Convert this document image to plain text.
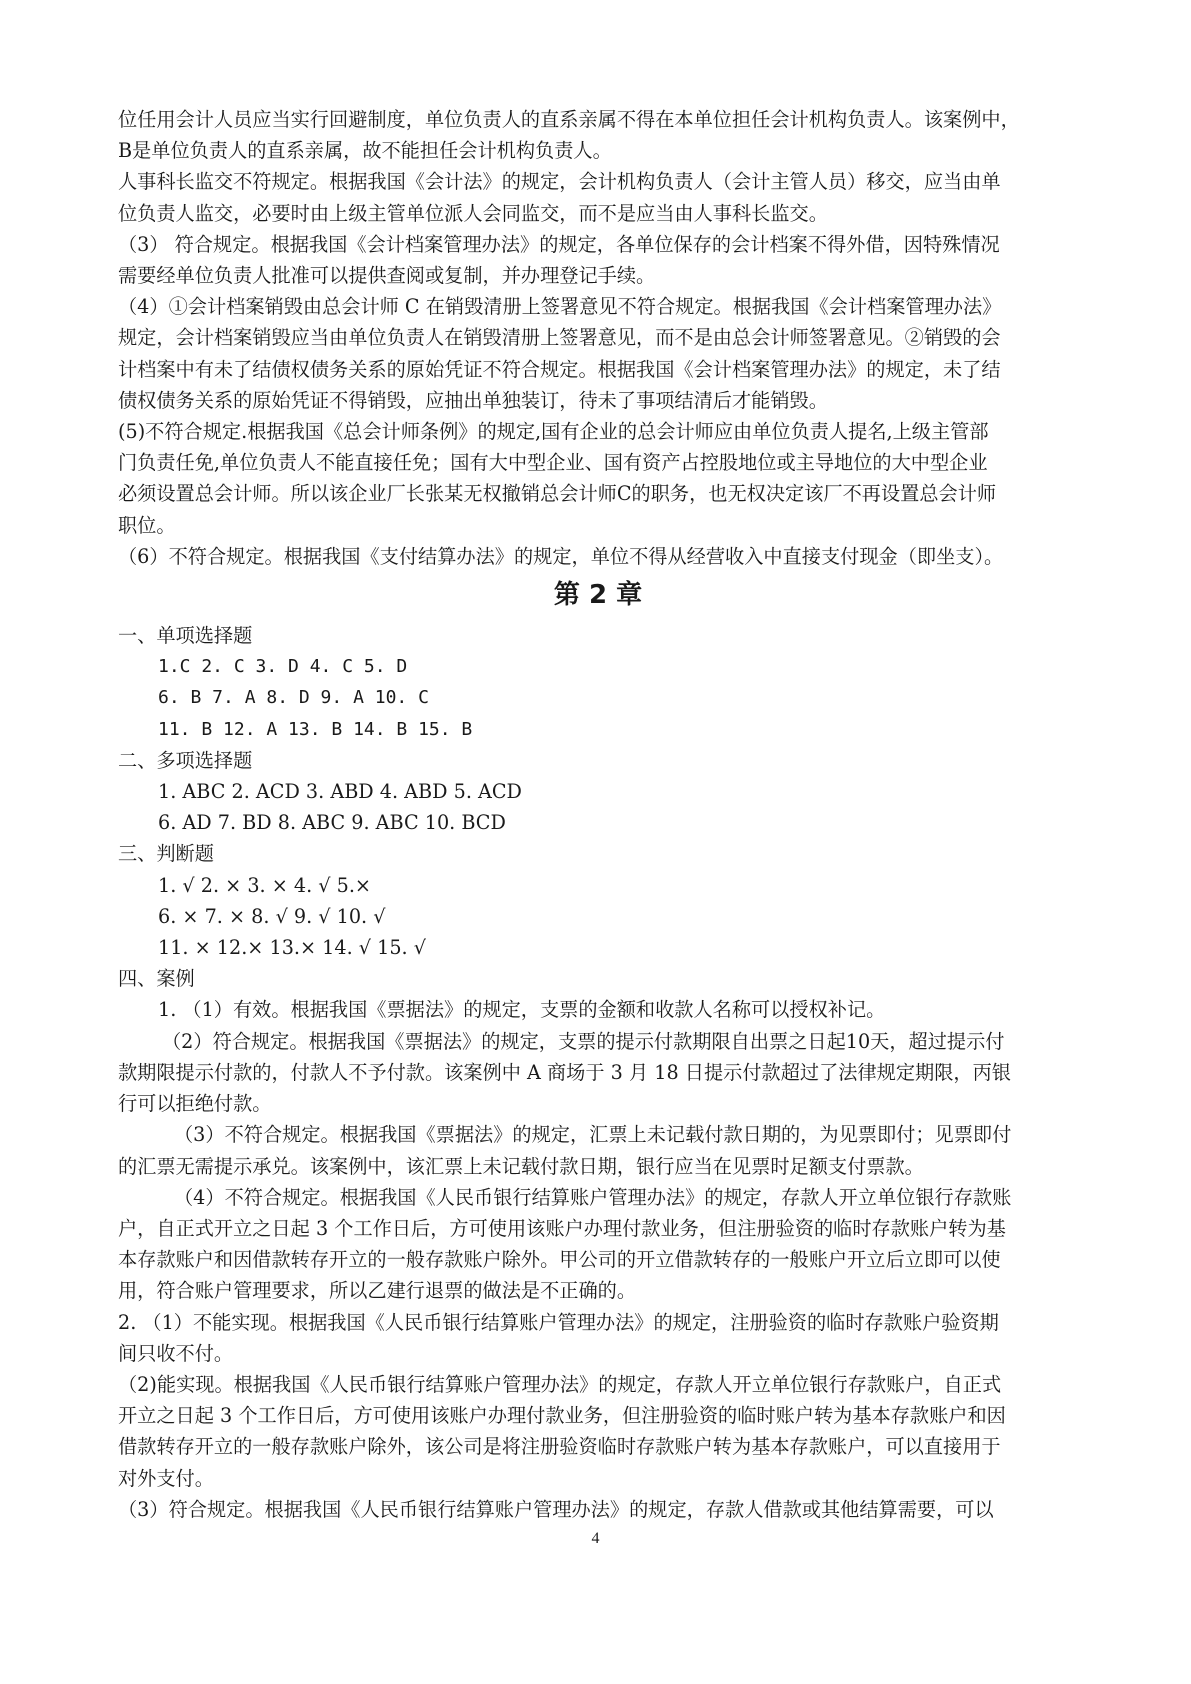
位任用会计人员应当实行回避制度，单位负责人的直系亲属不得在本单位担任会计机构负责人。该案例中，

B是单位负责人的直系亲属，故不能担任会计机构负责人。

人事科长监交不符规定。根据我国《会计法》的规定，会计机构负责人（会计主管人员）移交，应当由单

位负责人监交，必要时由上级主管单位派人会同监交，而不是应当由人事科长监交。

（3） 符合规定。根据我国《会计档案管理办法》的规定，各单位保存的会计档案不得外借，因特殊情况

需要经单位负责人批准可以提供查阅或复制，并办理登记手续。

（4）①会计档案销毁由总会计师 C 在销毁清册上签署意见不符合规定。根据我国《会计档案管理办法》

规定，会计档案销毁应当由单位负责人在销毁清册上签署意见，而不是由总会计师签署意见。②销毁的会

计档案中有未了结债权债务关系的原始凭证不符合规定。根据我国《会计档案管理办法》的规定，未了结

债权债务关系的原始凭证不得销毁，应抽出单独装订，待未了事项结清后才能销毁。

(5)不符合规定.根据我国《总会计师条例》的规定,国有企业的总会计师应由单位负责人提名,上级主管部

门负责任免,单位负责人不能直接任免；国有大中型企业、国有资产占控股地位或主导地位的大中型企业

必须设置总会计师。所以该企业厂长张某无权撤销总会计师C的职务，也无权决定该厂不再设置总会计师

职位。

（6）不符合规定。根据我国《支付结算办法》的规定，单位不得从经营收入中直接支付现金（即坐支）。

第 2 章

一、单项选择题

1.C 2. C 3. D 4. C 5. D

6. B 7. A 8. D 9. A 10. C

11. B 12. A 13. B 14. B 15. B

二、多项选择题

1. ABC 2. ACD 3. ABD 4. ABD 5. ACD

6. AD 7. BD 8. ABC 9. ABC 10. BCD

三、判断题

1. √ 2. × 3. × 4. √ 5.×

6. × 7. × 8. √ 9. √ 10. √

11. × 12.× 13.× 14. √ 15. √

四、案例

1. （1）有效。根据我国《票据法》的规定，支票的金额和收款人名称可以授权补记。

（2）符合规定。根据我国《票据法》的规定，支票的提示付款期限自出票之日起10天，超过提示付

款期限提示付款的，付款人不予付款。该案例中 A 商场于 3 月 18 日提示付款超过了法律规定期限，丙银

行可以拒绝付款。

（3）不符合规定。根据我国《票据法》的规定，汇票上未记载付款日期的，为见票即付；见票即付

的汇票无需提示承兑。该案例中，该汇票上未记载付款日期，银行应当在见票时足额支付票款。

（4）不符合规定。根据我国《人民币银行结算账户管理办法》的规定，存款人开立单位银行存款账

户，自正式开立之日起 3 个工作日后，方可使用该账户办理付款业务，但注册验资的临时存款账户转为基

本存款账户和因借款转存开立的一般存款账户除外。甲公司的开立借款转存的一般账户开立后立即可以使

用，符合账户管理要求，所以乙建行退票的做法是不正确的。

2. （1）不能实现。根据我国《人民币银行结算账户管理办法》的规定，注册验资的临时存款账户验资期

间只收不付。

（2)能实现。根据我国《人民币银行结算账户管理办法》的规定，存款人开立单位银行存款账户，自正式

开立之日起 3 个工作日后，方可使用该账户办理付款业务，但注册验资的临时账户转为基本存款账户和因

借款转存开立的一般存款账户除外，该公司是将注册验资临时存款账户转为基本存款账户，可以直接用于

对外支付。

（3）符合规定。根据我国《人民币银行结算账户管理办法》的规定，存款人借款或其他结算需要，可以

4
